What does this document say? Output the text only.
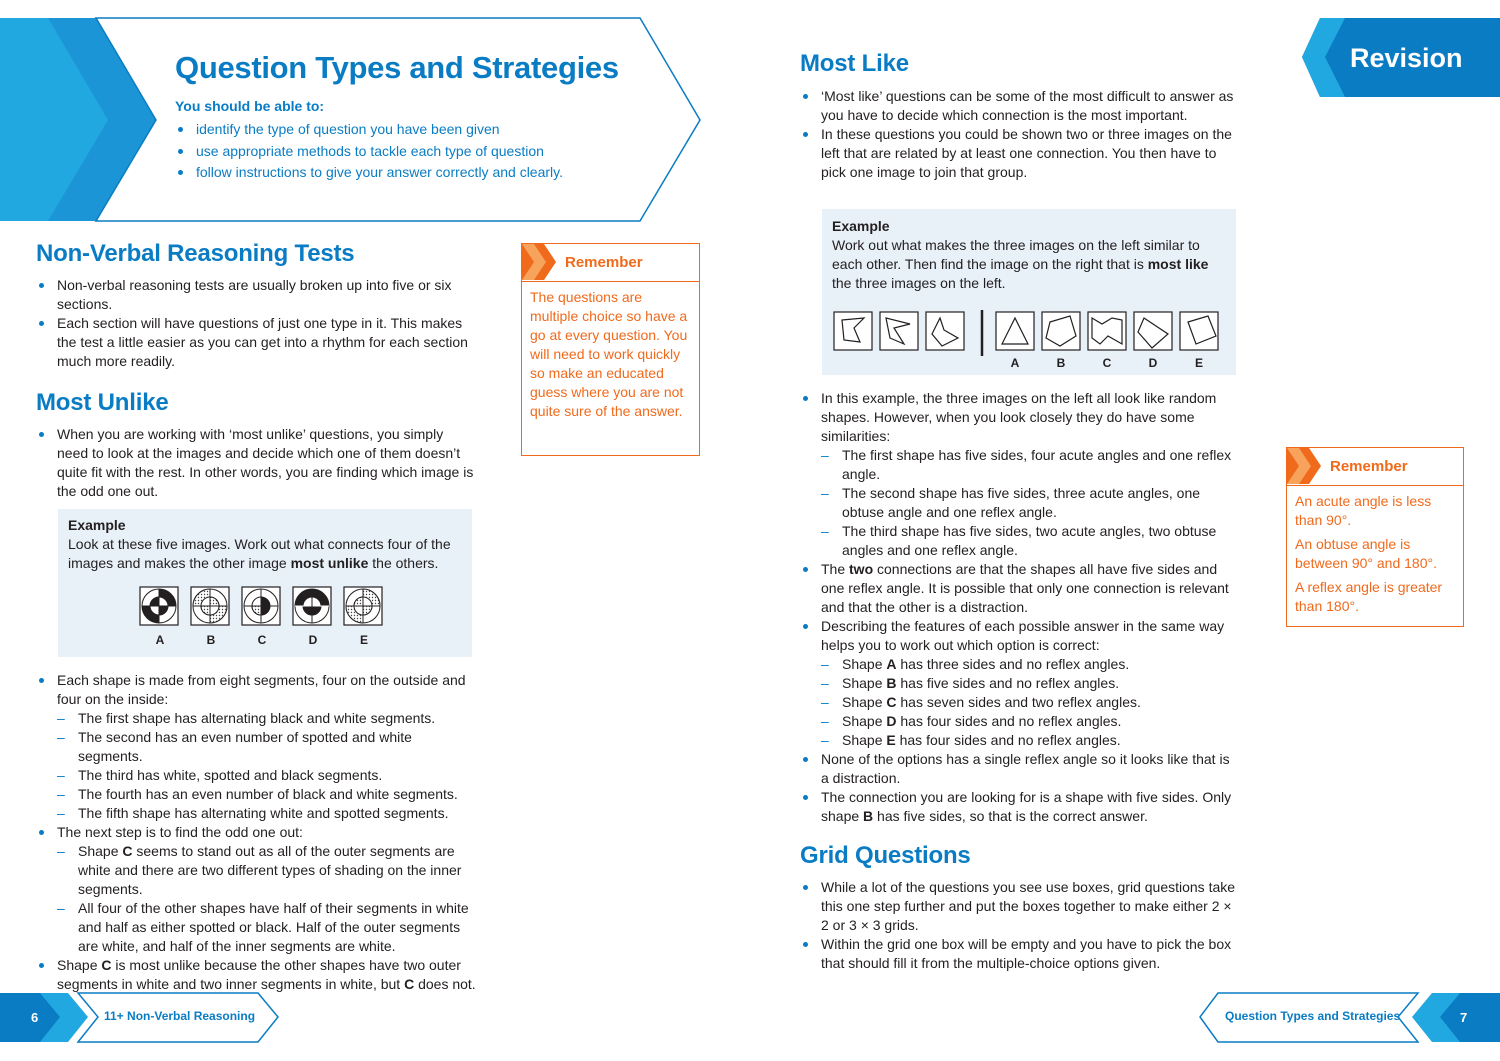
Question Types and Strategies
You should be able to:
identify the type of question you have been given
use appropriate methods to tackle each type of question
follow instructions to give your answer correctly and clearly.
Revision
Non-Verbal Reasoning Tests
Non-verbal reasoning tests are usually broken up into five or six sections.
Each section will have questions of just one type in it. This makes the test a little easier as you can get into a rhythm for each section much more readily.
Remember
The questions are multiple choice so have a go at every question. You will need to work quickly so make an educated guess where you are not quite sure of the answer.
Most Unlike
When you are working with ‘most unlike’ questions, you simply need to look at the images and decide which one of them doesn’t quite fit with the rest. In other words, you are finding which image is the odd one out.
Example
Look at these five images. Work out what connects four of the images and makes the other image most unlike the others.
A	B	C	D	E
Each shape is made from eight segments, four on the outside and four on the inside:
– The first shape has alternating black and white segments.
– The second has an even number of spotted and white segments.
– The third has white, spotted and black segments.
– The fourth has an even number of black and white segments.
– The fifth shape has alternating white and spotted segments.
The next step is to find the odd one out:
– Shape C seems to stand out as all of the outer segments are white and there are two different types of shading on the inner segments.
– All four of the other shapes have half of their segments in white and half as either spotted or black. Half of the outer segments are white, and half of the inner segments are white.
Shape C is most unlike because the other shapes have two outer segments in white and two inner segments in white, but C does not.
Most Like
‘Most like’ questions can be some of the most difficult to answer as you have to decide which connection is the most important.
In these questions you could be shown two or three images on the left that are related by at least one connection. You then have to pick one image to join that group.
Example
Work out what makes the three images on the left similar to each other. Then find the image on the right that is most like the three images on the left.
A	B	C	D	E
In this example, the three images on the left all look like random shapes. However, when you look closely they do have some similarities:
– The first shape has five sides, four acute angles and one reflex angle.
– The second shape has five sides, three acute angles, one obtuse angle and one reflex angle.
– The third shape has five sides, two acute angles, two obtuse angles and one reflex angle.
The two connections are that the shapes all have five sides and one reflex angle. It is possible that only one connection is relevant and that the other is a distraction.
Describing the features of each possible answer in the same way helps you to work out which option is correct:
– Shape A has three sides and no reflex angles.
– Shape B has five sides and no reflex angles.
– Shape C has seven sides and two reflex angles.
– Shape D has four sides and no reflex angles.
– Shape E has four sides and no reflex angles.
None of the options has a single reflex angle so it looks like that is a distraction.
The connection you are looking for is a shape with five sides. Only shape B has five sides, so that is the correct answer.
Remember

An acute angle is less than 90°.

An obtuse angle is between 90° and 180°.

A reflex angle is greater than 180°.

Grid Questions
While a lot of the questions you see use boxes, grid questions take this one step further and put the boxes together to make either 2 × 2 or 3 × 3 grids.
Within the grid one box will be empty and you have to pick the box that should fill it from the multiple-choice options given.
6	11+ Non-Verbal Reasoning	Question Types and Strategies	7
